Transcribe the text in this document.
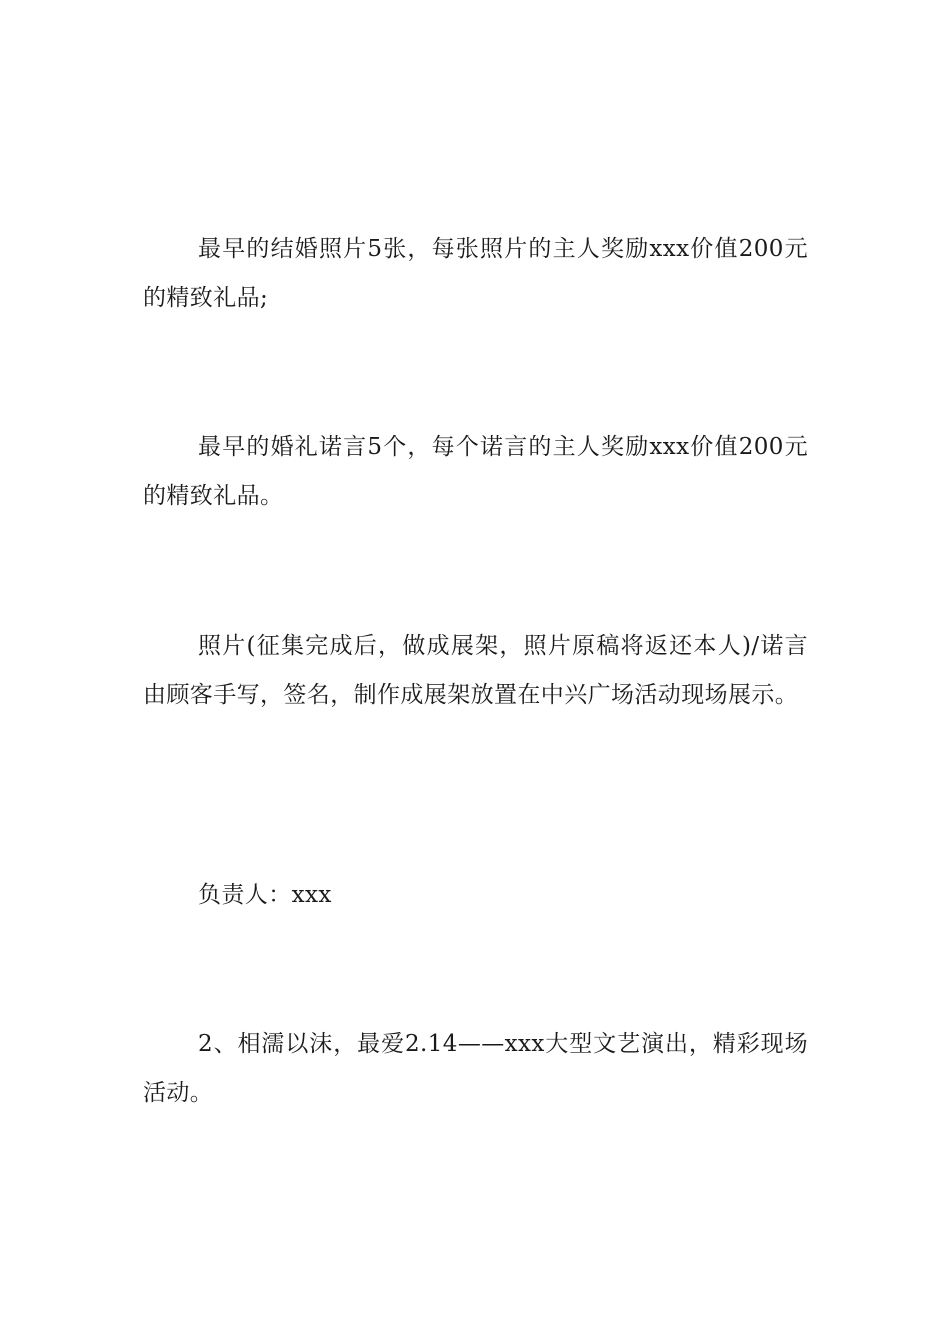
最早的结婚照片5张，每张照片的主人奖励xxx价值200元的精致礼品;

最早的婚礼诺言5个，每个诺言的主人奖励xxx价值200元的精致礼品。

照片(征集完成后，做成展架，照片原稿将返还本人)/诺言由顾客手写，签名，制作成展架放置在中兴广场活动现场展示。

负责人：xxx

2、相濡以沫，最爱2.14——xxx大型文艺演出，精彩现场活动。
